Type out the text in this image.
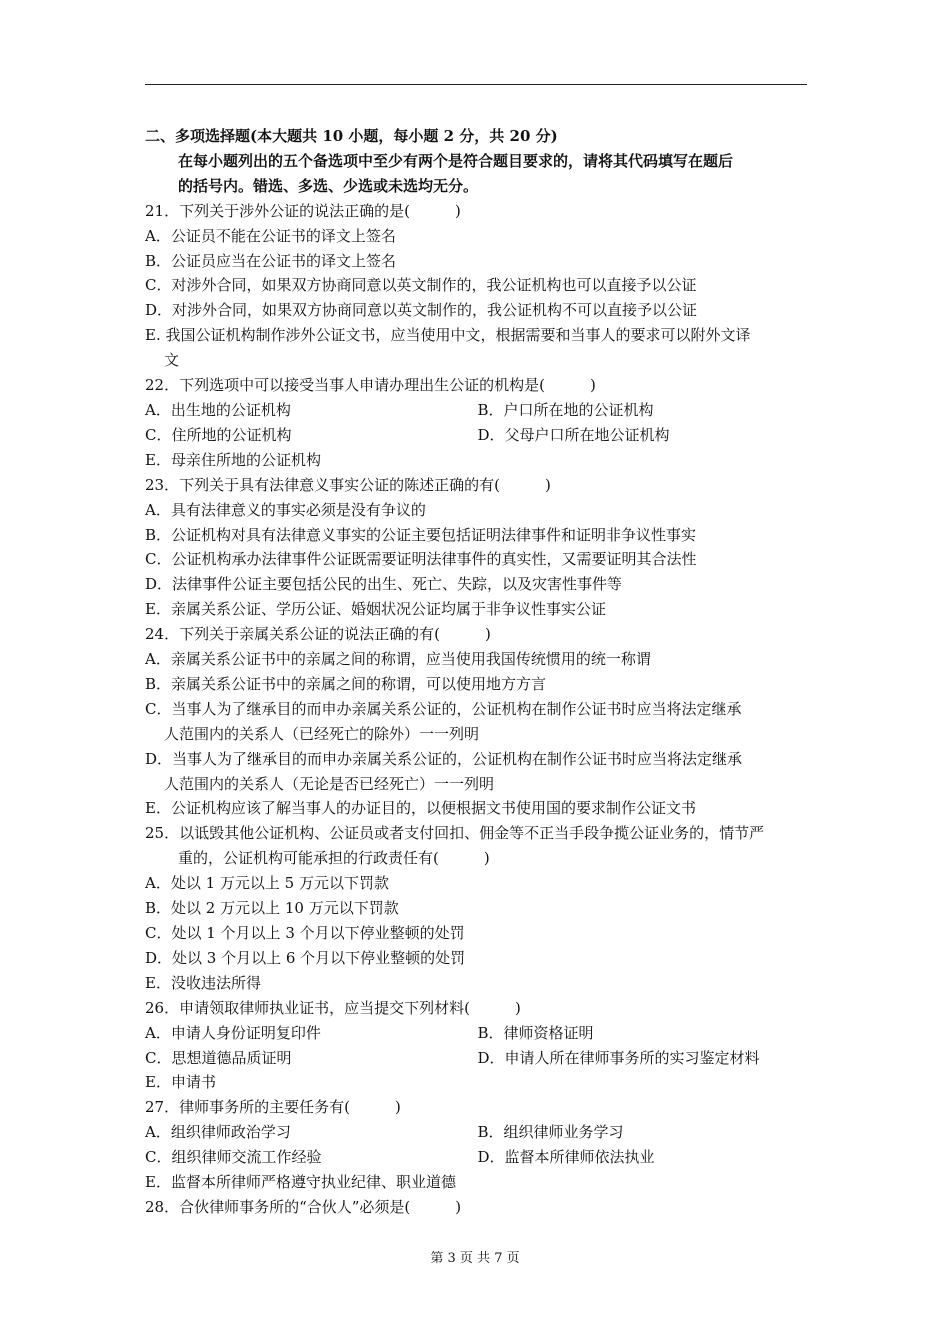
二、多项选择题(本大题共 10 小题，每小题 2 分，共 20 分)
在每小题列出的五个备选项中至少有两个是符合题目要求的，请将其代码填写在题后
的括号内。错选、多选、少选或未选均无分。
21．下列关于涉外公证的说法正确的是(　　　)
A．公证员不能在公证书的译文上签名
B．公证员应当在公证书的译文上签名
C．对涉外合同，如果双方协商同意以英文制作的，我公证机构也可以直接予以公证
D．对涉外合同，如果双方协商同意以英文制作的，我公证机构不可以直接予以公证
E. 我国公证机构制作涉外公证文书，应当使用中文，根据需要和当事人的要求可以附外文译
文
22．下列选项中可以接受当事人申请办理出生公证的机构是(　　　)
A．出生地的公证机构	B．户口所在地的公证机构
C．住所地的公证机构	D．父母户口所在地公证机构
E．母亲住所地的公证机构
23．下列关于具有法律意义事实公证的陈述正确的有(　　　)
A．具有法律意义的事实必须是没有争议的
B．公证机构对具有法律意义事实的公证主要包括证明法律事件和证明非争议性事实
C．公证机构承办法律事件公证既需要证明法律事件的真实性，又需要证明其合法性
D．法律事件公证主要包括公民的出生、死亡、失踪，以及灾害性事件等
E．亲属关系公证、学历公证、婚姻状况公证均属于非争议性事实公证
24．下列关于亲属关系公证的说法正确的有(　　　)
A．亲属关系公证书中的亲属之间的称谓，应当使用我国传统惯用的统一称谓
B．亲属关系公证书中的亲属之间的称谓，可以使用地方方言
C．当事人为了继承目的而申办亲属关系公证的，公证机构在制作公证书时应当将法定继承
人范围内的关系人（已经死亡的除外）一一列明
D．当事人为了继承目的而申办亲属关系公证的，公证机构在制作公证书时应当将法定继承
人范围内的关系人（无论是否已经死亡）一一列明
E．公证机构应该了解当事人的办证目的，以便根据文书使用国的要求制作公证文书
25．以诋毁其他公证机构、公证员或者支付回扣、佣金等不正当手段争揽公证业务的，情节严
重的，公证机构可能承担的行政责任有(　　　)
A．处以 1 万元以上 5 万元以下罚款
B．处以 2 万元以上 10 万元以下罚款
C．处以 1 个月以上 3 个月以下停业整顿的处罚
D．处以 3 个月以上 6 个月以下停业整顿的处罚
E．没收违法所得
26．申请领取律师执业证书，应当提交下列材料(　　　)
A．申请人身份证明复印件	B．律师资格证明
C．思想道德品质证明	D．申请人所在律师事务所的实习鉴定材料
E．申请书
27．律师事务所的主要任务有(　　　)
A．组织律师政治学习	B．组织律师业务学习
C．组织律师交流工作经验	D．监督本所律师依法执业
E．监督本所律师严格遵守执业纪律、职业道德
28．合伙律师事务所的“合伙人”必须是(　　　)
第 3 页 共 7 页
